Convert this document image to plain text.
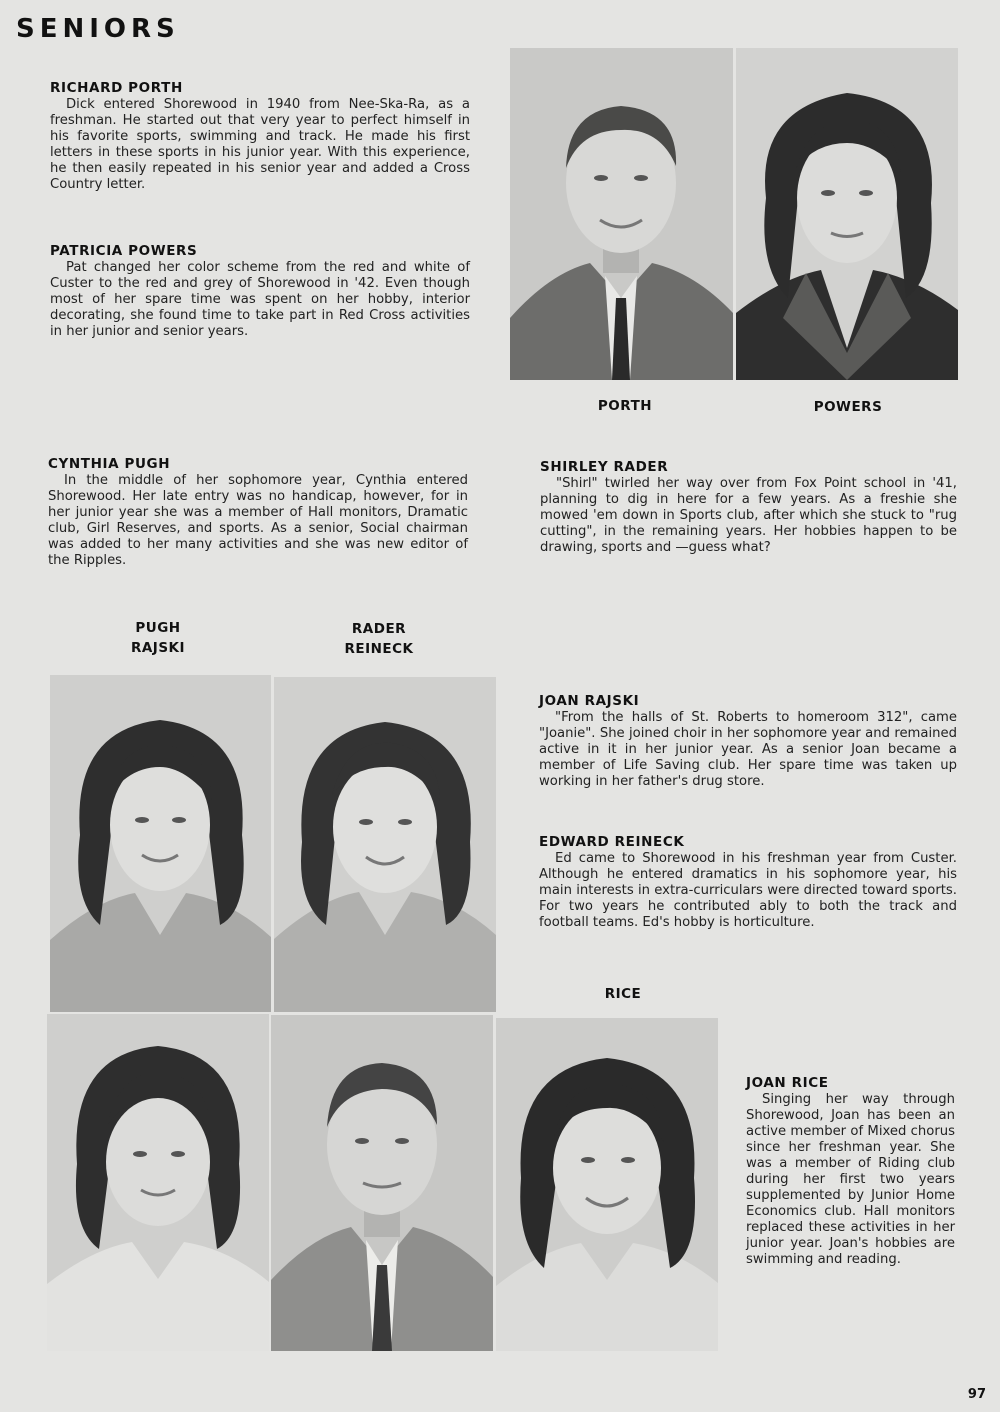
SENIORS

RICHARD PORTH

Dick entered Shorewood in 1940 from Nee-Ska-Ra, as a freshman. He started out that very year to perfect himself in his favorite sports, swimming and track. He made his first letters in these sports in his junior year. With this experience, he then easily repeated in his senior year and added a Cross Country letter.

PATRICIA POWERS

Pat changed her color scheme from the red and white of Custer to the red and grey of Shorewood in '42. Even though most of her spare time was spent on her hobby, interior decorating, she found time to take part in Red Cross activities in her junior and senior years.

PORTH	POWERS

CYNTHIA PUGH

In the middle of her sophomore year, Cynthia entered Shorewood. Her late entry was no handicap, however, for in her junior year she was a member of Hall monitors, Dramatic club, Girl Reserves, and sports. As a senior, Social chairman was added to her many activities and she was new editor of the Ripples.

SHIRLEY RADER

"Shirl" twirled her way over from Fox Point school in '41, planning to dig in here for a few years. As a freshie she mowed 'em down in Sports club, after which she stuck to "rug cutting", in the remaining years. Her hobbies happen to be drawing, sports and —guess what?

PUGH
RAJSKI
RADER
REINECK

JOAN RAJSKI

"From the halls of St. Roberts to homeroom 312", came "Joanie". She joined choir in her sophomore year and remained active in it in her junior year. As a senior Joan became a member of Life Saving club. Her spare time was taken up working in her father's drug store.

EDWARD REINECK

Ed came to Shorewood in his freshman year from Custer. Although he entered dramatics in his sophomore year, his main interests in extra-curriculars were directed toward sports. For two years he contributed ably to both the track and football teams. Ed's hobby is horticulture.

RICE

JOAN RICE

Singing her way through Shorewood, Joan has been an active member of Mixed chorus since her freshman year. She was a member of Riding club during her first two years supplemented by Junior Home Economics club. Hall monitors replaced these activities in her junior year. Joan's hobbies are swimming and reading.

97
